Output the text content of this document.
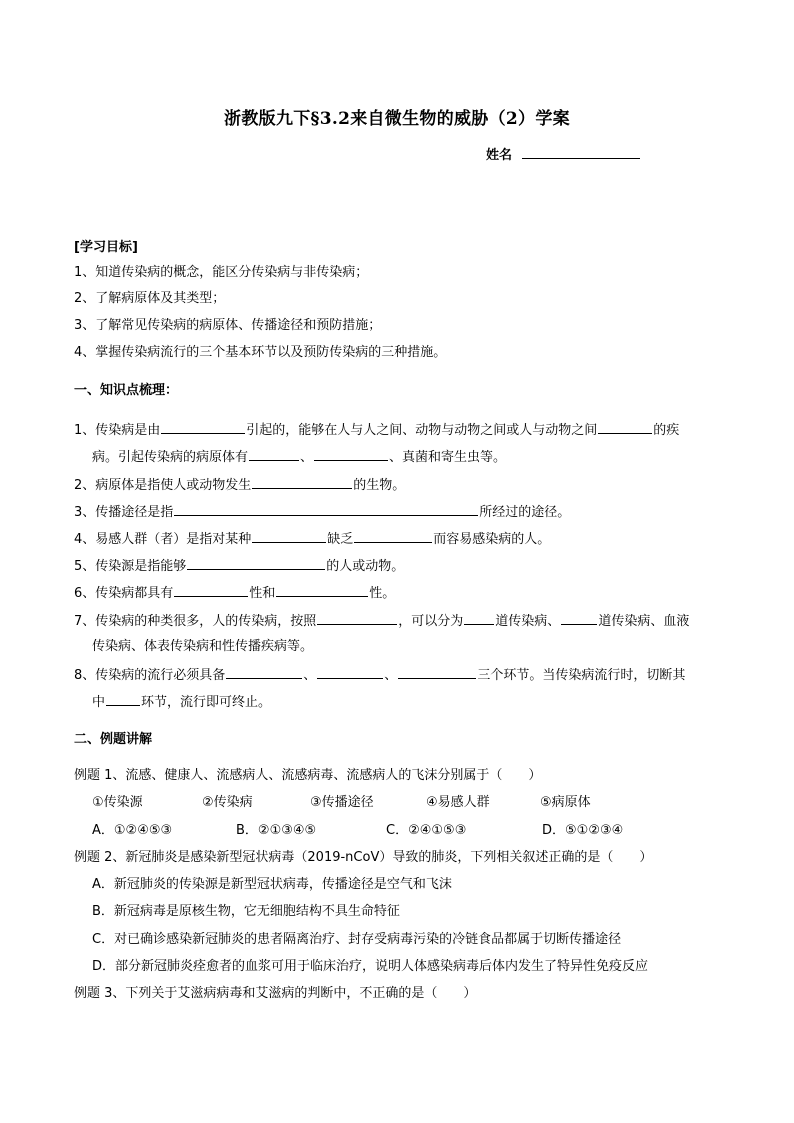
浙教版九下§3.2来自微生物的威胁（2）学案
姓名
[学习目标]
1、知道传染病的概念，能区分传染病与非传染病；
2、了解病原体及其类型；
3、了解常见传染病的病原体、传播途径和预防措施；
4、掌握传染病流行的三个基本环节以及预防传染病的三种措施。
一、知识点梳理：
1、传染病是由	引起的，能够在人与人之间、动物与动物之间或人与动物之间	的疾
病。引起传染病的病原体有	、	、真菌和寄生虫等。
2、病原体是指使人或动物发生	的生物。
3、传播途径是指	所经过的途径。
4、易感人群（者）是指对某种	缺乏	而容易感染病的人。
5、传染源是指能够	的人或动物。
6、传染病都具有	性和	性。
7、传染病的种类很多，人的传染病，按照	，可以分为 道传染病、	道传染病、血液
传染病、体表传染病和性传播疾病等。
8、传染病的流行必须具备	、	、	三个环节。当传染病流行时，切断其
中	环节，流行即可终止。
二、例题讲解
例题 1、流感、健康人、流感病人、流感病毒、流感病人的飞沫分别属于（　　）
①传染源	②传染病	③传播途径	④易感人群	⑤病原体
A．①②④⑤③	B．②①③④⑤	C．②④①⑤③	D．⑤①②③④
例题 2、新冠肺炎是感染新型冠状病毒（2019-nCoV）导致的肺炎，下列相关叙述正确的是（　　）
A．新冠肺炎的传染源是新型冠状病毒，传播途径是空气和飞沫
B．新冠病毒是原核生物，它无细胞结构不具生命特征
C．对已确诊感染新冠肺炎的患者隔离治疗、封存受病毒污染的冷链食品都属于切断传播途径
D．部分新冠肺炎痊愈者的血浆可用于临床治疗，说明人体感染病毒后体内发生了特异性免疫反应
例题 3、下列关于艾滋病病毒和艾滋病的判断中，不正确的是（　　）
